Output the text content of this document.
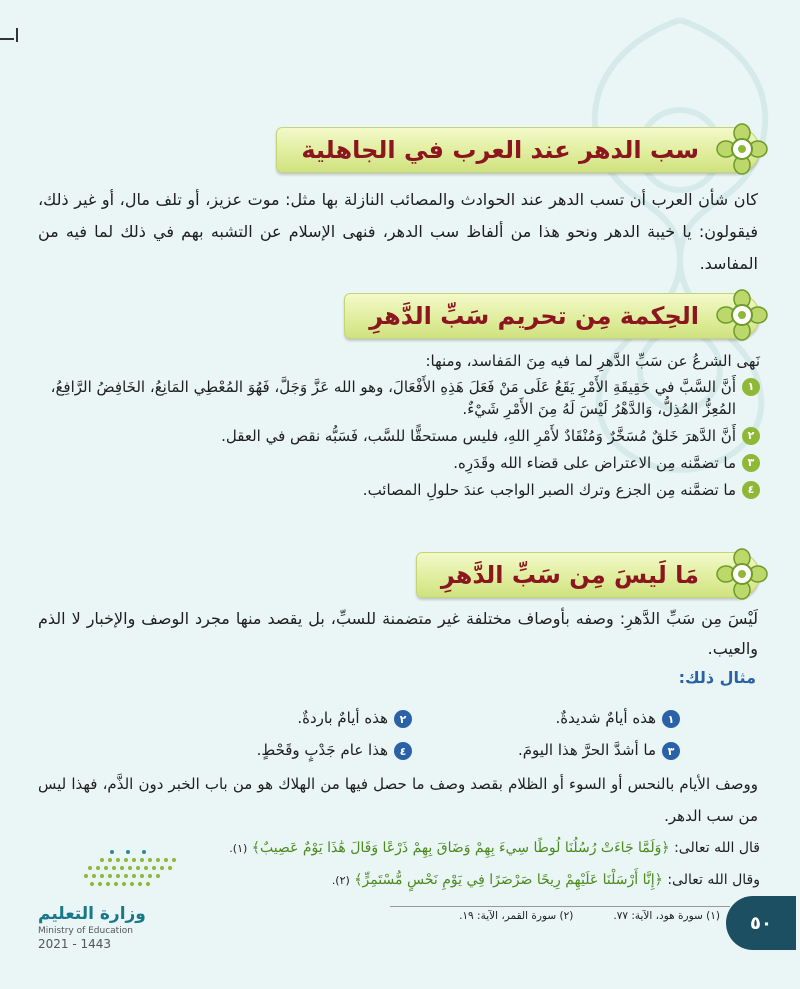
سب الدهر عند العرب في الجاهلية
كان شأن العرب أن تسب الدهر عند الحوادث والمصائب النازلة بها مثل: موت عزيز، أو تلف مال، أو غير ذلك، فيقولون: يا خيبة الدهر ونحو هذا من ألفاظ سب الدهر، فنهى الإسلام عن التشبه بهم في ذلك لما فيه من المفاسد.
الحِكمة مِن تحريم سَبِّ الدَّهرِ
نَهى الشرعُ عن سَبِّ الدَّهرِ لما فيه مِنَ المَفاسد، ومنها:
١
أَنَّ السَّبَّ في حَقِيقَةِ الأَمْرِ يَقَعُ عَلَى مَنْ فَعَلَ هَذِهِ الأَفْعَالَ، وهو الله عَزَّ وَجَلَّ، فَهُوَ المُعْطِي المَانِعُ، الخَافِضُ الرَّافِعُ، المُعِزُّ المُذِلُّ، وَالدَّهْرُ لَيْسَ لَهُ مِنَ الأَمْرِ شَيْءٌ.
٢
أَنَّ الدَّهرَ خَلقٌ مُسَخَّرٌ وَمُنْقَادٌ لأَمْرِ اللهِ، فليس مستحقًّا للسَّب، فَسَبُّه نقص في العقل.
٣
ما تضمَّنه مِن الاعتراض على قضاء الله وقَدَرِه.
٤
ما تضمَّنه مِن الجزع وترك الصبر الواجب عندَ حلولِ المصائب.
مَا لَيسَ مِن سَبِّ الدَّهرِ
لَيْسَ مِن سَبِّ الدَّهرِ: وصفه بأوصاف مختلفة غير متضمنة للسبِّ، بل يقصد منها مجرد الوصف والإخبار لا الذم والعيب.
مثال ذلك:
١
هذه أيامٌ شديدةٌ.
٢
هذه أيامٌ باردةٌ.
٣
ما أشدَّ الحرَّ هذا اليومَ.
٤
هذا عام جَدْبٍ وقَحْطٍ.
ووصف الأيام بالنحس أو السوء أو الظلام بقصد وصف ما حصل فيها من الهلاك هو من باب الخبر دون الذَّم، فهذا ليس من سب الدهر.
قال الله تعالى: ﴿وَلَمَّا جَاءَتْ رُسُلُنَا لُوطًا سِيءَ بِهِمْ وَضَاقَ بِهِمْ ذَرْعًا وَقَالَ هَٰذَا يَوْمٌ عَصِيبٌ﴾ (١).
وقال الله تعالى: ﴿إِنَّا أَرْسَلْنَا عَلَيْهِمْ رِيحًا صَرْصَرًا فِي يَوْمِ نَحْسٍ مُّسْتَمِرٍّ﴾ (٢).
(١) سورة هود، الآية: ٧٧.
(٢) سورة القمر، الآية: ١٩.	٥٠
وزارة التعليم
Ministry of Education
2021 - 1443
